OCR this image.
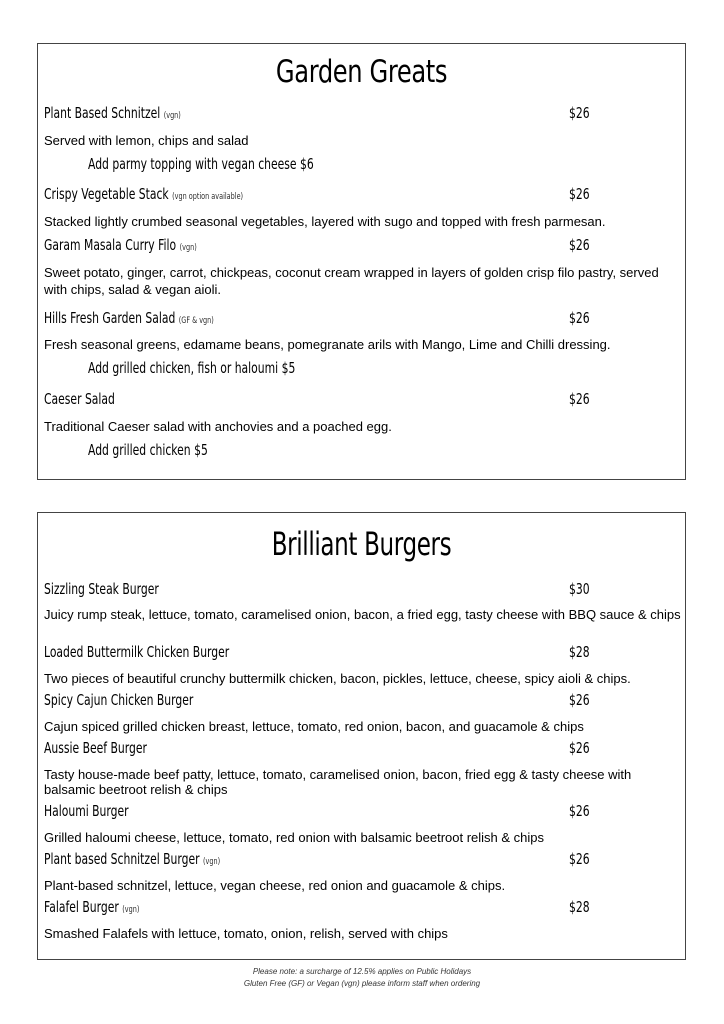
Garden Greats
Plant Based Schnitzel (vgn)	$26
Served with lemon, chips and salad
Add parmy topping with vegan cheese $6
Crispy Vegetable Stack (vgn option available)	$26
Stacked lightly crumbed seasonal vegetables, layered with sugo and topped with fresh parmesan.
Garam Masala Curry Filo (vgn)	$26
Sweet potato, ginger, carrot, chickpeas, coconut cream wrapped in layers of golden crisp filo pastry, served with chips, salad & vegan aioli.
Hills Fresh Garden Salad (GF & vgn)	$26
Fresh seasonal greens, edamame beans, pomegranate arils with Mango, Lime and Chilli dressing.
Add grilled chicken, fish or haloumi $5
Caeser Salad	$26
Traditional Caeser salad with anchovies and a poached egg.
Add grilled chicken $5
Brilliant Burgers
Sizzling Steak Burger	$30
Juicy rump steak, lettuce, tomato, caramelised onion, bacon, a fried egg, tasty cheese with BBQ sauce & chips
Loaded Buttermilk Chicken Burger	$28
Two pieces of beautiful crunchy buttermilk chicken, bacon, pickles, lettuce, cheese, spicy aioli & chips.
Spicy Cajun Chicken Burger	$26
Cajun spiced grilled chicken breast, lettuce, tomato, red onion, bacon, and guacamole & chips
Aussie Beef Burger	$26
Tasty house-made beef patty, lettuce, tomato, caramelised onion, bacon, fried egg & tasty cheese with balsamic beetroot relish & chips
Haloumi Burger	$26
Grilled haloumi cheese, lettuce, tomato, red onion with balsamic beetroot relish & chips
Plant based Schnitzel Burger (vgn)	$26
Plant-based schnitzel, lettuce, vegan cheese, red onion and guacamole & chips.
Falafel Burger (vgn)	$28
Smashed Falafels with lettuce, tomato, onion, relish, served with chips
Please note: a surcharge of 12.5% applies on Public Holidays
Gluten Free (GF) or Vegan (vgn) please inform staff when ordering
